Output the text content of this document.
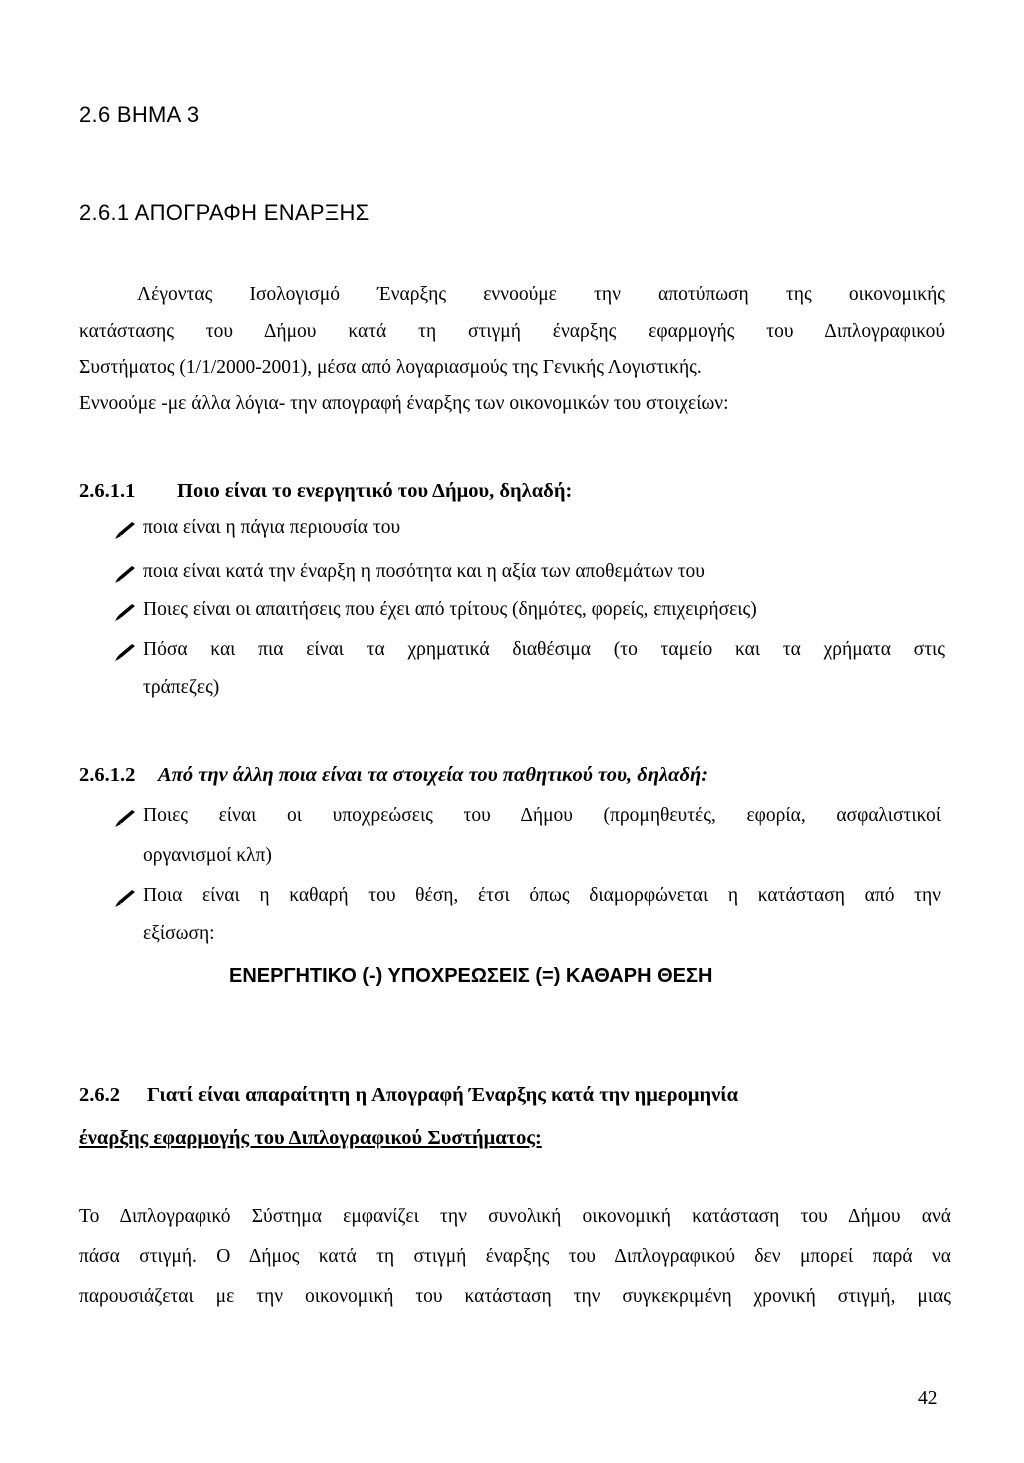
2.6 ΒΗΜΑ 3
2.6.1 ΑΠΟΓΡΑΦΗ ΕΝΑΡΞΗΣ
Λέγοντας Ισολογισμό Έναρξης εννοούμε την αποτύπωση της οικονομικής
κατάστασης του Δήμου κατά τη στιγμή έναρξης εφαρμογής του Διπλογραφικού
Συστήματος (1/1/2000-2001), μέσα από λογαριασμούς της Γενικής Λογιστικής.
Εννοούμε -με άλλα λόγια- την απογραφή έναρξης των οικονομικών του στοιχείων:
2.6.1.1 Ποιο είναι το ενεργητικό του Δήμου, δηλαδή:
ποια είναι η πάγια περιουσία του
ποια είναι κατά την έναρξη η ποσότητα και η αξία των αποθεμάτων του
Ποιες είναι οι απαιτήσεις που έχει από τρίτους (δημότες, φορείς, επιχειρήσεις)
Πόσα και πια είναι τα χρηματικά διαθέσιμα (το ταμείο και τα χρήματα στις
τράπεζες)
2.6.1.2 Από την άλλη ποια είναι τα στοιχεία του παθητικού του, δηλαδή:
Ποιες είναι οι υποχρεώσεις του Δήμου (προμηθευτές, εφορία, ασφαλιστικοί
οργανισμοί κλπ)
Ποια είναι η καθαρή του θέση, έτσι όπως διαμορφώνεται η κατάσταση από την
εξίσωση:
ΕΝΕΡΓΗΤΙΚΟ (-) ΥΠΟΧΡΕΩΣΕΙΣ (=) ΚΑΘΑΡΗ ΘΕΣΗ
2.6.2 Γιατί είναι απαραίτητη η Απογραφή Έναρξης κατά την ημερομηνία
έναρξης εφαρμογής του Διπλογραφικού Συστήματος:
Το Διπλογραφικό Σύστημα εμφανίζει την συνολική οικονομική κατάσταση του Δήμου ανά
πάσα στιγμή. Ο Δήμος κατά τη στιγμή έναρξης του Διπλογραφικού δεν μπορεί παρά να
παρουσιάζεται με την οικονομική του κατάσταση την συγκεκριμένη χρονική στιγμή, μιας
42
